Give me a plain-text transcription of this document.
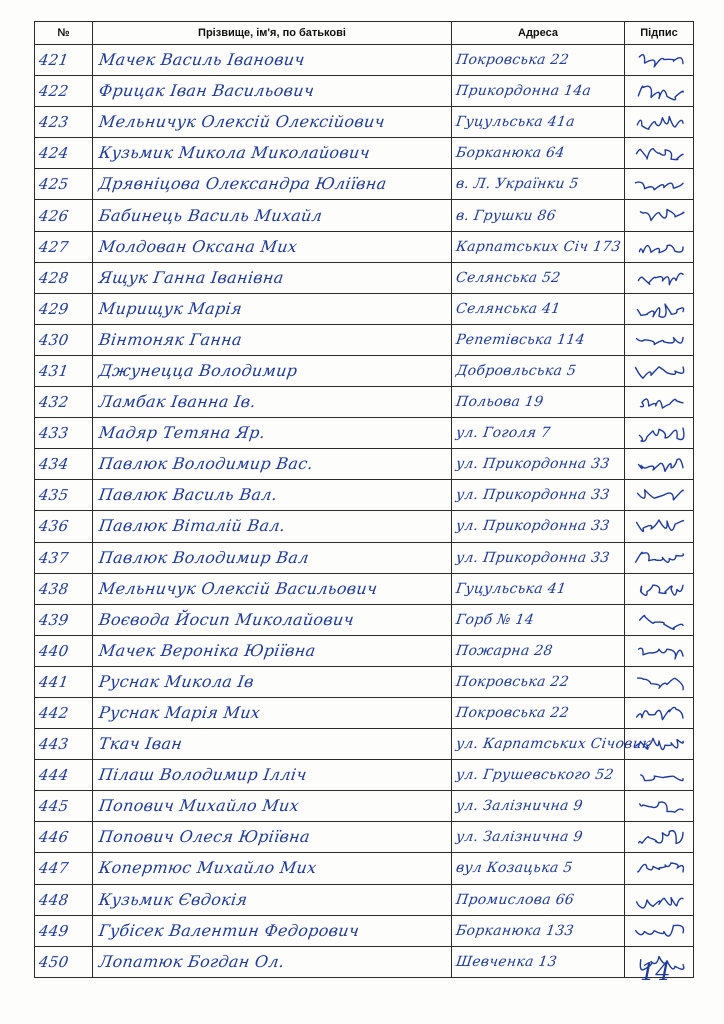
№	Прізвище, ім'я, по батькові	Адреса	Підпис

421	Мачек Василь Іванович	Покровська 22

422	Фрицак Іван Васильович	Прикордонна 14а

423	Мельничук Олексій Олексійович	Гуцульська 41а

424	Кузьмик Микола Миколайович	Борканюка 64

425	Дрявніцова Олександра Юліївна	в. Л. Українки 5

426	Бабинець Василь Михайл	в. Грушки 86

427	Молдован Оксана Мих	Карпатських Січ 173

428	Ящук Ганна Іванівна	Селянська 52

429	Мирищук Марія	Селянська 41

430	Вінтоняк Ганна	Репетівська 114

431	Джунецца Володимир	Добровльська 5

432	Ламбак Іванна Ів.	Польова 19

433	Мадяр Тетяна Яр.	ул. Гоголя 7

434	Павлюк Володимир Вас.	ул. Прикордонна 33

435	Павлюк Василь Вал.	ул. Прикордонна 33

436	Павлюк Віталій Вал.	ул. Прикордонна 33

437	Павлюк Володимир Вал	ул. Прикордонна 33

438	Мельничук Олексій Васильович	Гуцульська 41

439	Воєвода Йосип Миколайович	Горб № 14

440	Мачек Вероніка Юріївна	Пожарна 28

441	Руснак Микола Ів	Покровська 22

442	Руснак Марія Мих	Покровська 22

443	Ткач Іван	ул. Карпатських Січовик

444	Пілаш Володимир Ілліч	ул. Грушевського 52

445	Попович Михайло Мих	ул. Залізнична 9

446	Попович Олеся Юріївна	ул. Залізнична 9

447	Копертюс Михайло Мих	вул Козацька 5

448	Кузьмик Євдокія	Промислова 66

449	Губісек Валентин Федорович	Борканюка 133

450	Лопатюк Богдан Ол.	Шевченка 13
		14
